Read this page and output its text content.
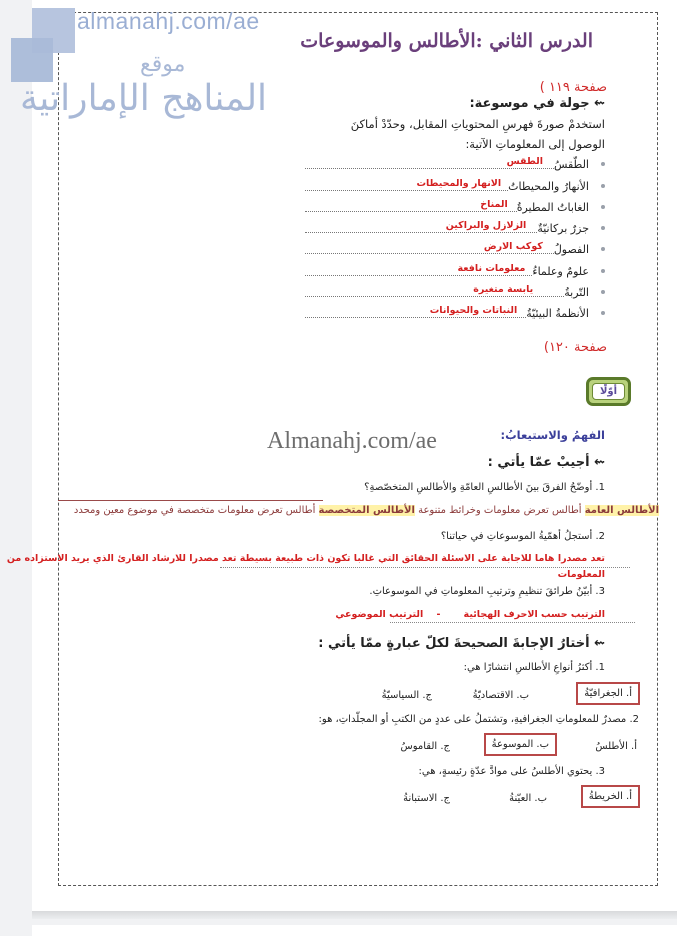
almanahj.com/ae
موقع
المناهج الإماراتية
الدرس الثاني :الأطالس والموسوعات
صفحة ١١٩ )
⇜ جولة في موسوعة:
استخدمْ صورةَ فهرسِ المحتوياتِ المقابل، وحدّدْ أماكنَ
الوصول إلى المعلوماتِ الآتية:
الطّقسُ
الطقس
الأنهارُ والمحيطاتُ
الانهار والمحيطات
الغاباتُ المطيرةُ
المناخ
جزرٌ بركانيّةٌ
الزلازل والبراكين
الفصولُ
كوكب الارض
علومٌ وعلماءُ
معلومات نافعة
التّربةُ
يابسة متغيرة
الأنظمةُ البيئيّةُ
النباتات والحيوانات
صفحة ١٢٠)
أوّلًا
الفهمُ والاستيعابُ:
Almanahj.com/ae
⇜ أجيبْ عمّا يأتي :
1. أوضّحُ الفرقَ بينَ الأطالسِ العامّةِ والأطالسِ المتخصّصةِ؟
الأطالس العامة أطالس تعرض معلومات وخرائط متنوعة الأطالس المتخصصة أطالس تعرض معلومات متخصصة في موضوع معين ومحدد
2. أستجلُ أهمّيةُ الموسوعاتِ في حياتنا؟
تعد مصدرا هاما للاجابة على الاسئلة الحقائق التي غالبا تكون ذات طبيعة بسيطة تعد مصدرا للارشاد القارئ الذي يريد الاستزاده من
المعلومات
3. أبيّنُ طرائقَ تنظيمِ وترتيبِ المعلوماتِ في الموسوعاتِ.
الترتيب حسب الاحرف الهجائية       -    الترتيب الموضوعي
⇜ أختارُ الإجابةَ الصحيحةَ لكلّ عبارةٍ ممّا يأتي :
1. أكثرُ أنواعِ الأطالسِ انتشارًا هي:
أ. الجغرافيّةُ
ب. الاقتصاديّةُ
ج. السياسيّةُ
2. مصدرٌ للمعلوماتِ الجغرافيةِ، وتشتملُ على عددٍ من الكتبِ أو المجلّداتِ، هو:
أ. الأطلسُ
ب. الموسوعةُ
ج. القاموسُ
3. يحتوي الأطلسُ على موادَّ عدّةٍ رئيسةٍ، هي:
أ. الخريطةُ
ب. العيّنةُ
ج. الاستبانةُ
